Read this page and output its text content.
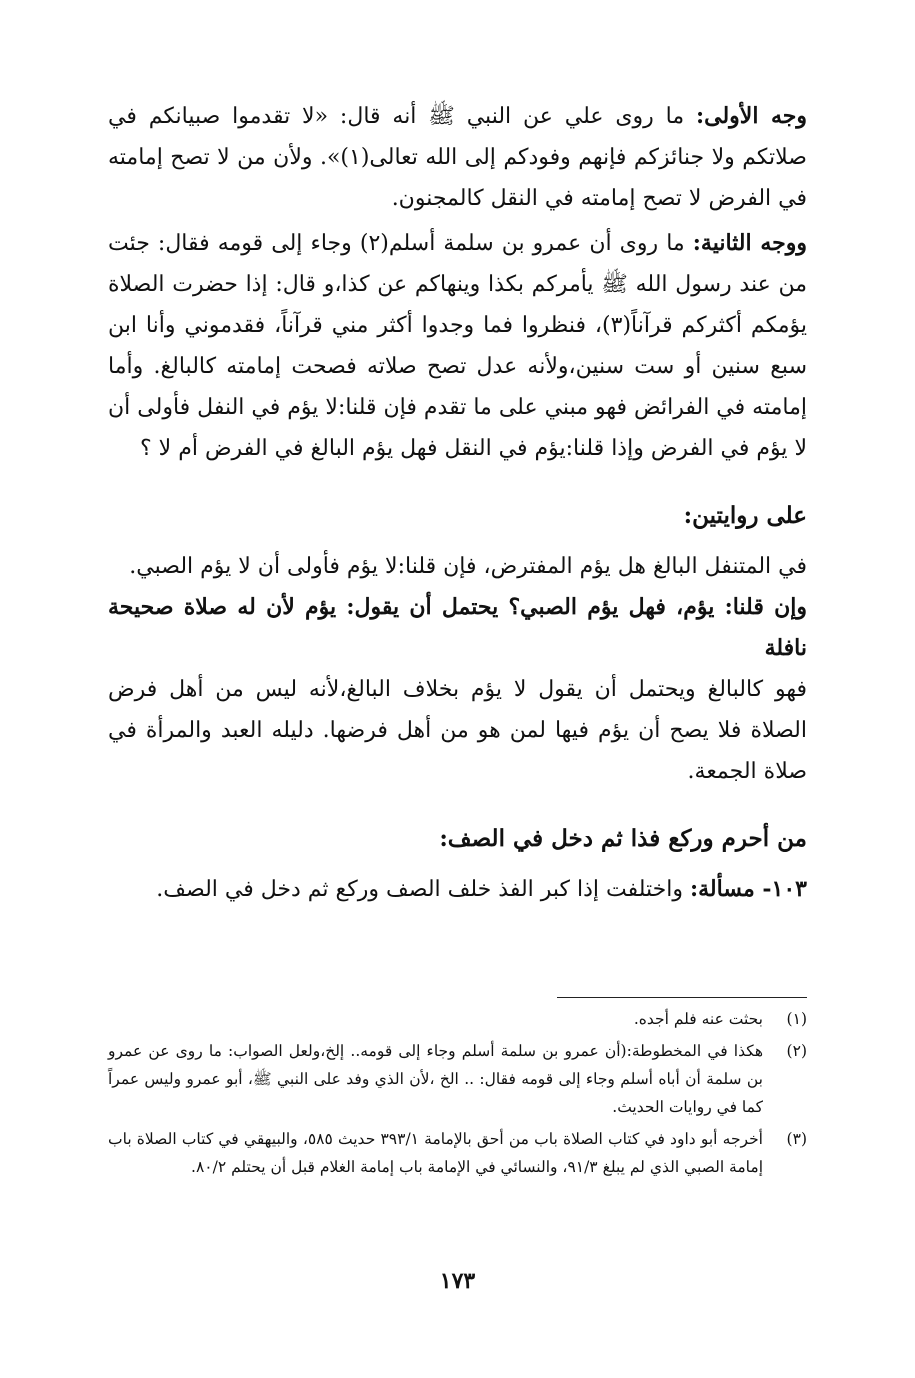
وجه الأولى: ما روى علي عن النبي ﷺ أنه قال: «لا تقدموا صبيانكم في صلاتكم ولا جنائزكم فإنهم وفودكم إلى الله تعالى(١)». ولأن من لا تصح إمامته في الفرض لا تصح إمامته في النقل كالمجنون.

ووجه الثانية: ما روى أن عمرو بن سلمة أسلم(٢) وجاء إلى قومه فقال: جئت من عند رسول الله ﷺ يأمركم بكذا وينهاكم عن كذا،و قال: إذا حضرت الصلاة يؤمكم أكثركم قرآناً(٣)، فنظروا فما وجدوا أكثر مني قرآناً، فقدموني وأنا ابن سبع سنين أو ست سنين،ولأنه عدل تصح صلاته فصحت إمامته كالبالغ. وأما إمامته في الفرائض فهو مبني على ما تقدم فإن قلنا:لا يؤم في النفل فأولى أن لا يؤم في الفرض وإذا قلنا:يؤم في النقل فهل يؤم البالغ في الفرض أم لا ؟

على روايتين:

في المتنفل البالغ هل يؤم المفترض، فإن قلنا:لا يؤم فأولى أن لا يؤم الصبي.

وإن قلنا: يؤم، فهل يؤم الصبي؟ يحتمل أن يقول: يؤم لأن له صلاة صحيحة نافلة

فهو كالبالغ ويحتمل أن يقول لا يؤم بخلاف البالغ،لأنه ليس من أهل فرض الصلاة فلا يصح أن يؤم فيها لمن هو من أهل فرضها. دليله العبد والمرأة في صلاة الجمعة.

من أحرم وركع فذا ثم دخل في الصف:

١٠٣- مسألة: واختلفت إذا كبر الفذ خلف الصف وركع ثم دخل في الصف.

(١)
بحثت عنه فلم أجده.
(٢)
هكذا في المخطوطة:(أن عمرو بن سلمة أسلم وجاء إلى قومه.. إلخ،ولعل الصواب: ما روى عن عمرو بن سلمة أن أباه أسلم وجاء إلى قومه فقال: .. الخ ،لأن الذي وفد على النبي ﷺ، أبو عمرو وليس عمراً كما في روايات الحديث.
(٣)
أخرجه أبو داود في كتاب الصلاة باب من أحق بالإمامة ٣٩٣/١ حديث ٥٨٥، والبيهقي في كتاب الصلاة باب إمامة الصبي الذي لم يبلغ ٩١/٣، والنسائي في الإمامة باب إمامة الغلام قبل أن يحتلم ٨٠/٢.
١٧٣
